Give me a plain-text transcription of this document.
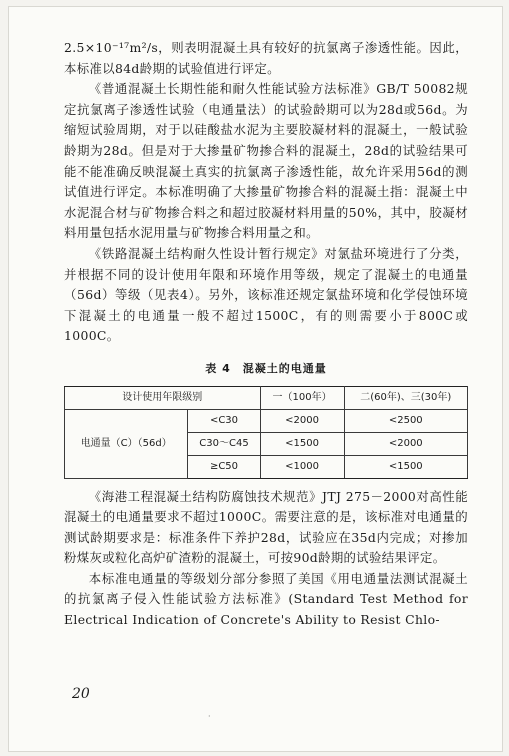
2.5×10⁻¹⁷m²/s，则表明混凝土具有较好的抗氯离子渗透性能。因此，本标准以84d龄期的试验值进行评定。

《普通混凝土长期性能和耐久性能试验方法标准》GB/T 50082规定抗氯离子渗透性试验（电通量法）的试验龄期可以为28d或56d。为缩短试验周期，对于以硅酸盐水泥为主要胶凝材料的混凝土，一般试验龄期为28d。但是对于大掺量矿物掺合料的混凝土，28d的试验结果可能不能准确反映混凝土真实的抗氯离子渗透性能，故允许采用56d的测试值进行评定。本标准明确了大掺量矿物掺合料的混凝土指：混凝土中水泥混合材与矿物掺合料之和超过胶凝材料用量的50%，其中，胶凝材料用量包括水泥用量与矿物掺合料用量之和。

《铁路混凝土结构耐久性设计暂行规定》对氯盐环境进行了分类，并根据不同的设计使用年限和环境作用等级，规定了混凝土的电通量（56d）等级（见表4）。另外，该标准还规定氯盐环境和化学侵蚀环境下混凝土的电通量一般不超过1500C，有的则需要小于800C或1000C。

表 4　混凝土的电通量
设计使用年限级别		一（100年）	二(60年)、三(30年)
电通量（C）（56d）	<C30	<2000	<2500
	C30～C45	<1500	<2000
	≥C50	<1000	<1500

《海港工程混凝土结构防腐蚀技术规范》JTJ 275－2000对高性能混凝土的电通量要求不超过1000C。需要注意的是，该标准对电通量的测试龄期要求是：标准条件下养护28d，试验应在35d内完成；对掺加粉煤灰或粒化高炉矿渣粉的混凝土，可按90d龄期的试验结果评定。

本标准电通量的等级划分部分参照了美国《用电通量法测试混凝土的抗氯离子侵入性能试验方法标准》(Standard Test Method for Electrical Indication of Concrete's Ability to Resist Chlo-

20
·
